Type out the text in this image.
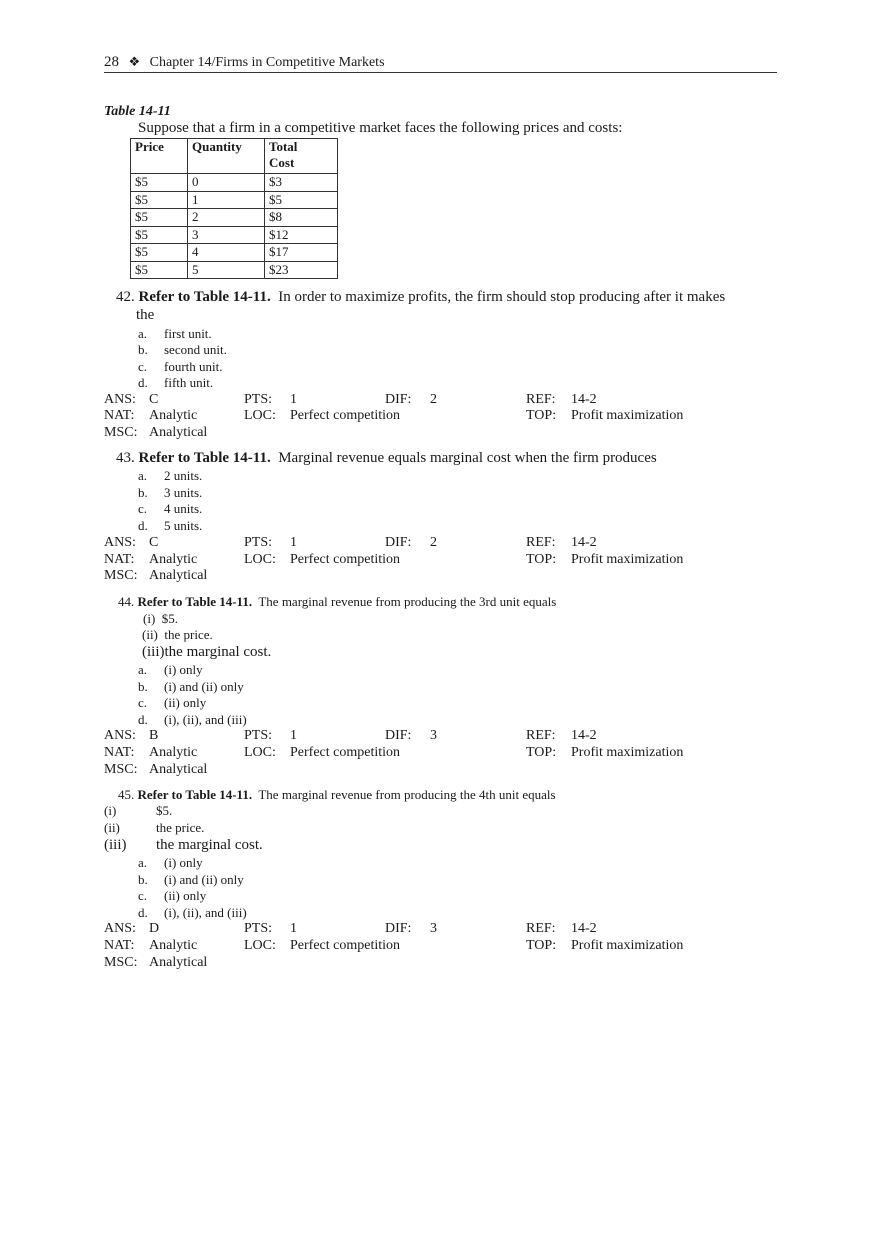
28 ❖ Chapter 14/Firms in Competitive Markets
Table 14-11
Suppose that a firm in a competitive market faces the following prices and costs:
Price	Quantity	Total
Cost
$5	0	$3
$5	1	$5
$5	2	$8
$5	3	$12
$5	4	$17
$5	5	$23
42. Refer to Table 14-11. In order to maximize profits, the firm should stop producing after it makes
the
a. first unit.
b. second unit.
c. fourth unit.
d. fifth unit.
ANS: C	PTS: 1	DIF: 2	REF: 14-2
NAT: Analytic	LOC: Perfect competition	TOP: Profit maximization
MSC: Analytical
43. Refer to Table 14-11. Marginal revenue equals marginal cost when the firm produces
a. 2 units.
b. 3 units.
c. 4 units.
d. 5 units.
ANS: C	PTS: 1	DIF: 2	REF: 14-2
NAT: Analytic	LOC: Perfect competition	TOP: Profit maximization
MSC: Analytical
44. Refer to Table 14-11. The marginal revenue from producing the 3rd unit equals
(i) $5.
(ii) the price.
(iii)the marginal cost.
a. (i) only
b. (i) and (ii) only
c. (ii) only
d. (i), (ii), and (iii)
ANS: B	PTS: 1	DIF: 3	REF: 14-2
NAT: Analytic	LOC: Perfect competition	TOP: Profit maximization
MSC: Analytical
45. Refer to Table 14-11. The marginal revenue from producing the 4th unit equals
(i)	$5.
(ii)	the price.
(iii) the marginal cost.
a. (i) only
b. (i) and (ii) only
c. (ii) only
d. (i), (ii), and (iii)
ANS: D	PTS: 1	DIF: 3	REF: 14-2
NAT: Analytic	LOC: Perfect competition	TOP: Profit maximization
MSC: Analytical
